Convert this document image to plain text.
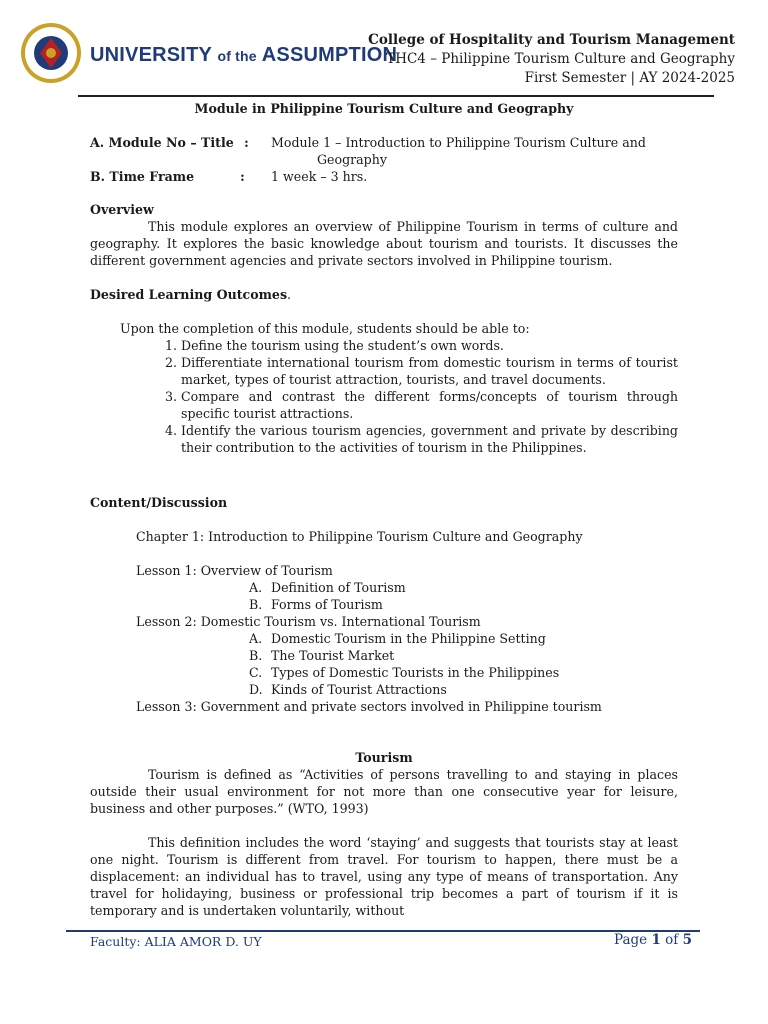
UNIVERSITY of the ASSUMPTION
College of Hospitality and Tourism Management
THC4 – Philippine Tourism Culture and Geography
First Semester | AY 2024-2025

Module in Philippine Tourism Culture and Geography

A. Module No – Title :	Module 1 – Introduction to Philippine Tourism Culture and
Geography
B. Time Frame	:	1 week – 3 hrs.

Overview

This module explores an overview of Philippine Tourism in terms of culture and geography. It explores the basic knowledge about tourism and tourists. It discusses the different government agencies and private sectors involved in Philippine tourism.

Desired Learning Outcomes.

Upon the completion of this module, students should be able to:

1. Define the tourism using the student’s own words.
2. Differentiate international tourism from domestic tourism in terms of tourist market, types of tourist attraction, tourists, and travel documents.
3. Compare and contrast the different forms/concepts of tourism through specific tourist attractions.
4. Identify the various tourism agencies, government and private by describing their contribution to the activities of tourism in the Philippines.

Content/Discussion

Chapter 1: Introduction to Philippine Tourism Culture and Geography
Lesson 1: Overview of Tourism
A. Definition of Tourism
B. Forms of Tourism
Lesson 2: Domestic Tourism vs. International Tourism
A. Domestic Tourism in the Philippine Setting
B. The Tourist Market
C. Types of Domestic Tourists in the Philippines
D. Kinds of Tourist Attractions
Lesson 3: Government and private sectors involved in Philippine tourism

Tourism

Tourism is defined as “Activities of persons travelling to and staying in places outside their usual environment for not more than one consecutive year for leisure, business and other purposes.” (WTO, 1993)

This definition includes the word ‘staying’ and suggests that tourists stay at least one night. Tourism is different from travel. For tourism to happen, there must be a displacement: an individual has to travel, using any type of means of transportation. Any travel for holidaying, business or professional trip becomes a part of tourism if it is temporary and is undertaken voluntarily, without

Faculty: ALIA AMOR D. UY	Page 1 of 5
